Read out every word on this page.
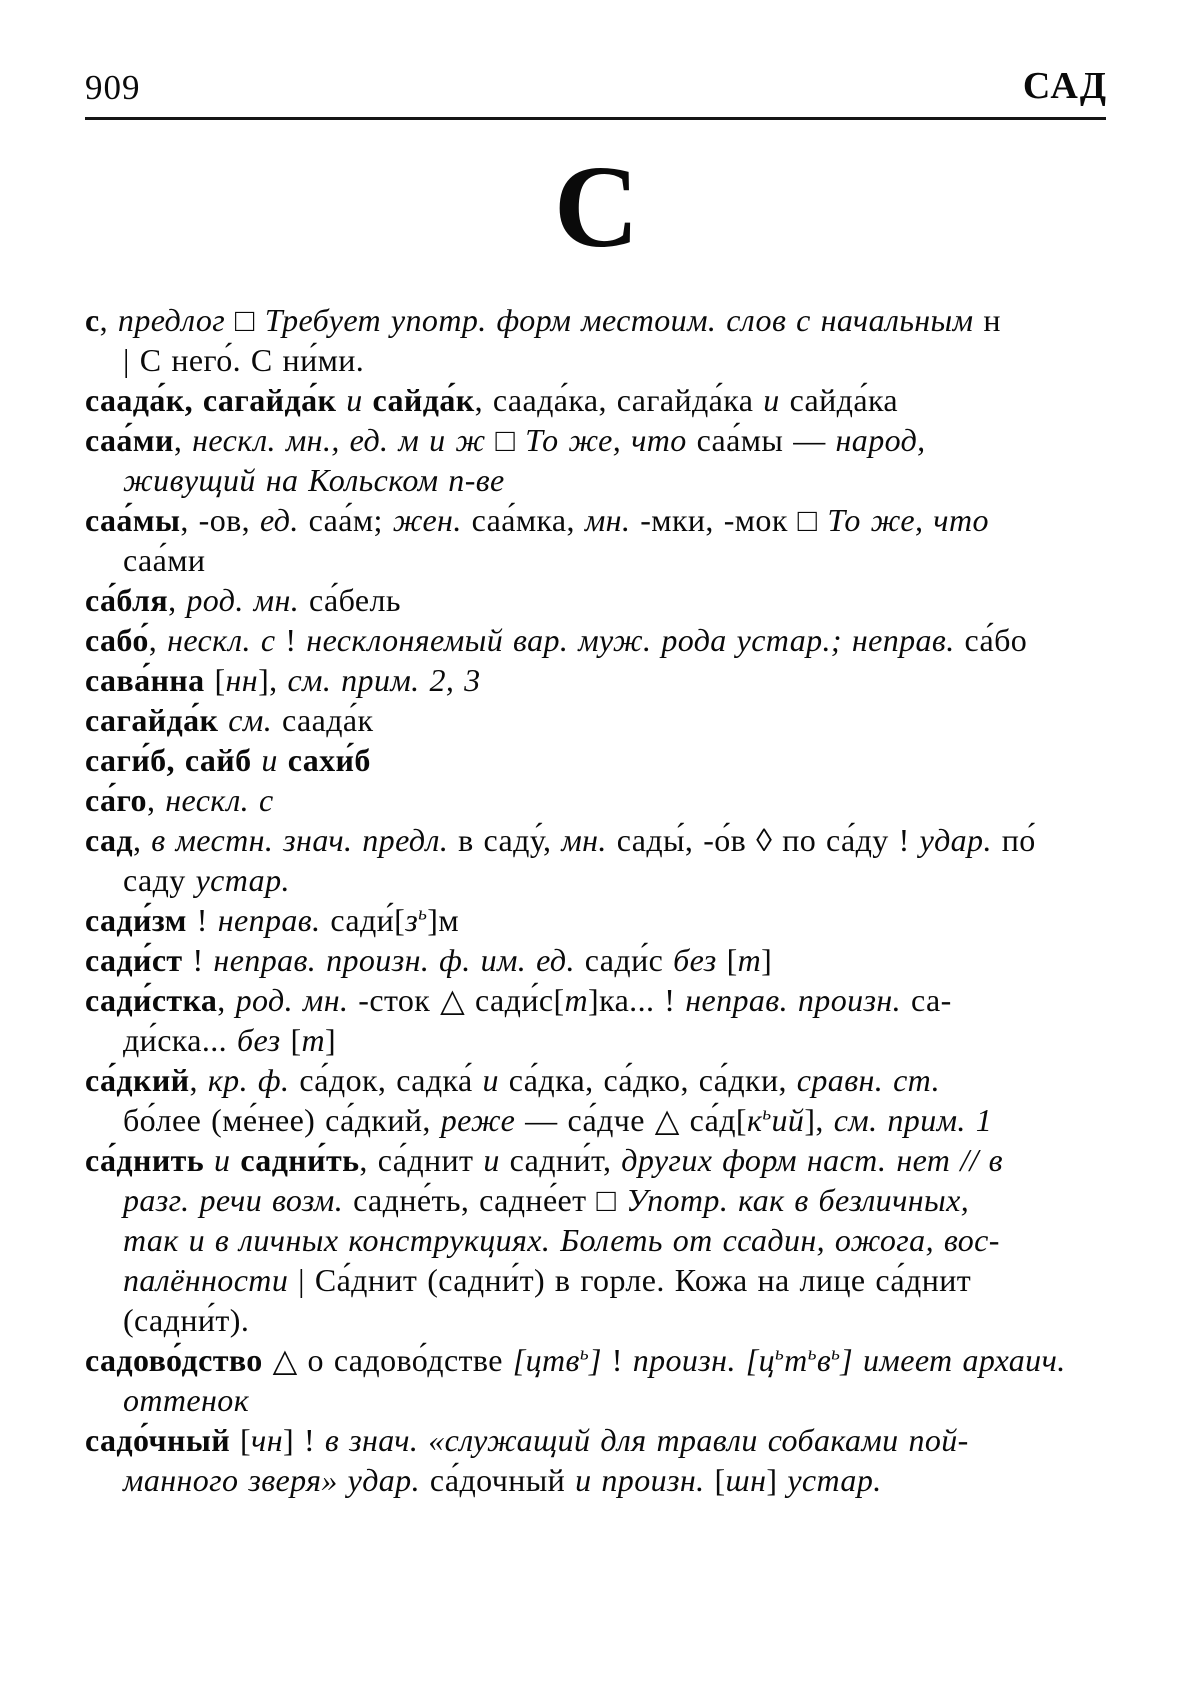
909	САД
С
с, предлог □ Требует употр. форм местоим. слов с начальным н
| С него́. С ни́ми.
саада́к, сагайда́к и сайда́к, саада́ка, сагайда́ка и сайда́ка
саа́ми, нескл. мн., ед. м и ж □ То же, что саа́мы — народ,
живущий на Кольском п-ве
саа́мы, -ов, ед. саа́м; жен. саа́мка, мн. -мки, -мок □ То же, что
саа́ми
са́бля, род. мн. са́бель
сабо́, нескл. с ! несклоняемый вар. муж. рода устар.; неправ. са́бо
сава́нна [нн], см. прим. 2, 3
сагайда́к см. саада́к
саги́б, сайб и сахи́б
са́го, нескл. с
сад, в местн. знач. предл. в саду́, мн. сады́, -о́в ◊ по са́ду ! удар. по́
саду устар.
сади́зм ! неправ. $сади́[з^ь]м$
сади́ст ! неправ. произн. ф. им. ед. сади́с без [т]
сади́стка, род. мн. -сток △ сади́с[т]ка... ! неправ. произн. са-
ди́ска... без [т]
са́дкий, кр. ф. са́док, садка́ и са́дка, са́дко, са́дки, сравн. ст.
бо́лее (ме́нее) са́дкий, реже — са́дче △ $са́д[к^ьий]$, см. прим. 1
са́днить и садни́ть, са́днит и садни́т, других форм наст. нет // в
разг. речи возм. садне́ть, садне́ет □ Употр. как в безличных,
так и в личных конструкциях. Болеть от ссадин, ожога, вос-
палённости | Са́днит (садни́т) в горле. Кожа на лице са́днит
(садни́т).
садово́дство △ о садово́дстве [цтв$^ь$] ! произн. $[ц^ьт^ьв^ь]$ имеет архаич.
оттенок
садо́чный [чн] ! в знач. «служащий для травли собаками пой-
манного зверя» удар. са́дочный и произн. [шн] устар.
